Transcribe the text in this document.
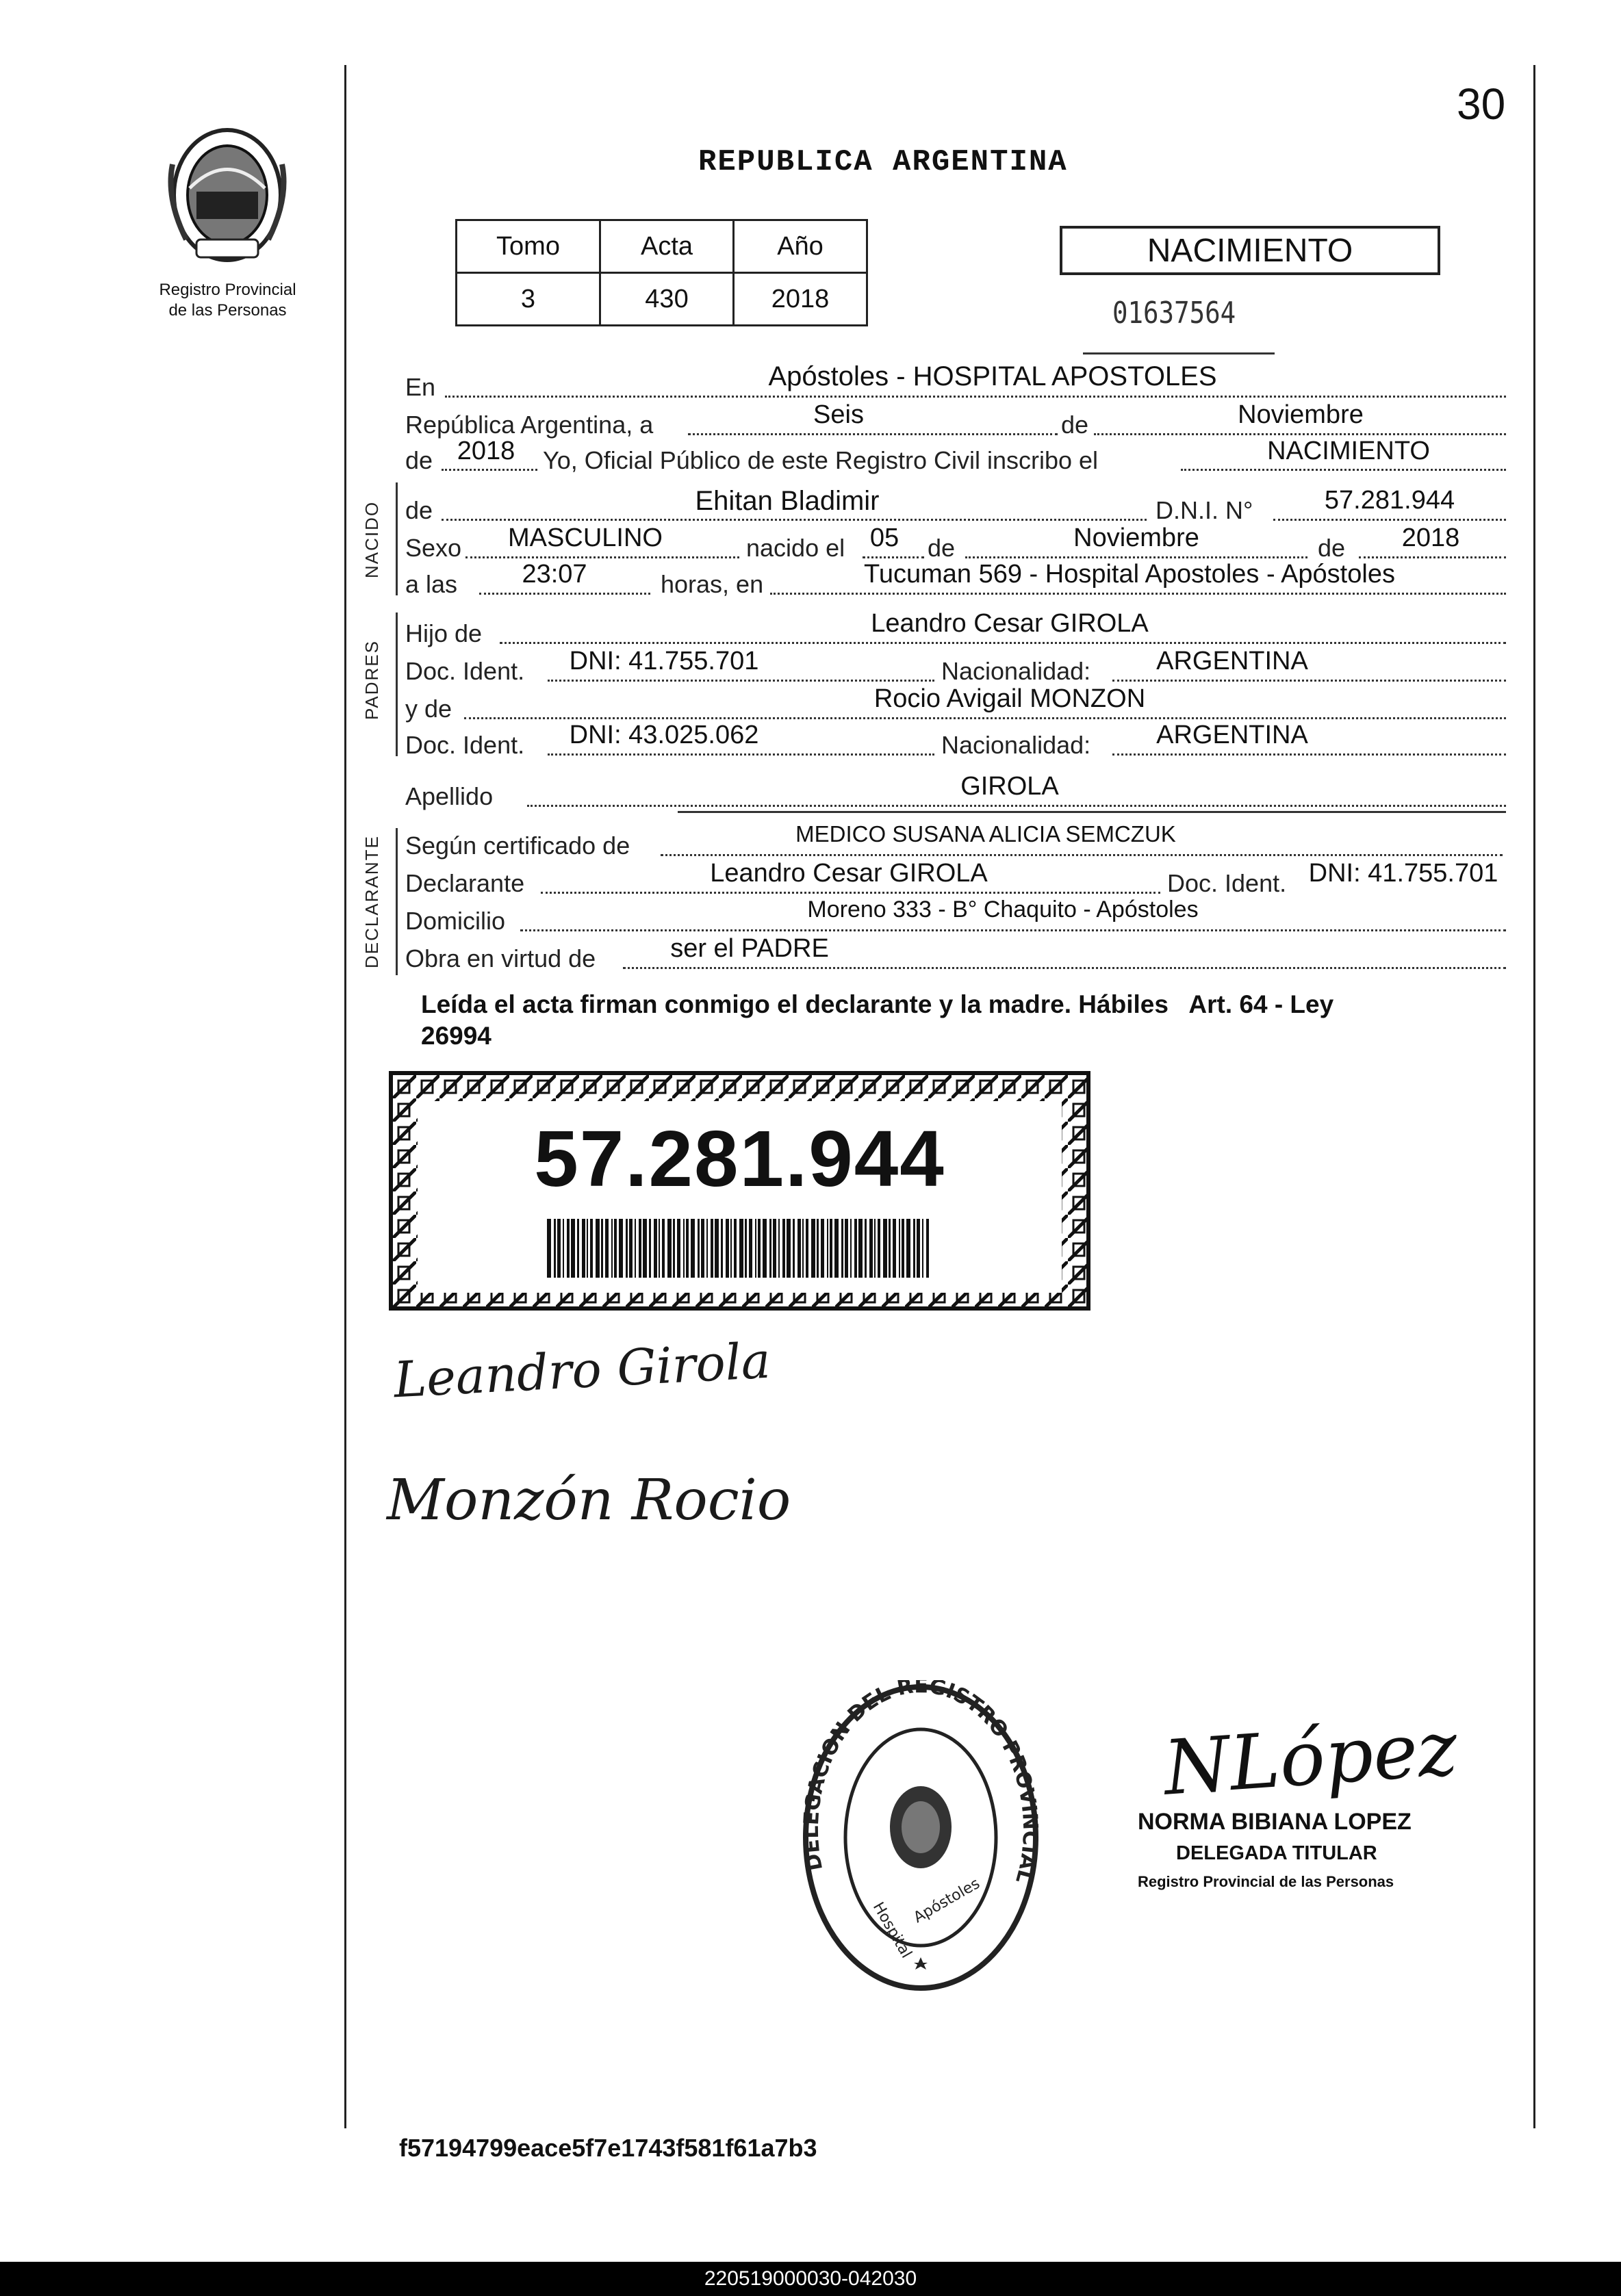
30
Registro Provincial
de las Personas
REPUBLICA ARGENTINA
Tomo	Acta	Año
3	430	2018
NACIMIENTO
01637564
En	Apóstoles - HOSPITAL APOSTOLES
República Argentina, a	Seis	de	Noviembre
de 2018	Yo, Oficial Público de este Registro Civil inscribo el	NACIMIENTO
NACIDO de	Ehitan Bladimir	D.N.I. N°	57.281.944
Sexo	MASCULINO	nacido el 05 de	Noviembre	de	2018
a las	23:07	horas, en	Tucuman 569 - Hospital Apostoles - Apóstoles
PADRES
Hijo de	Leandro Cesar GIROLA
Doc. Ident.	DNI: 41.755.701	Nacionalidad:	ARGENTINA
y de	Rocio Avigail MONZON
Doc. Ident.	DNI: 43.025.062	Nacionalidad:	ARGENTINA
Apellido	GIROLA
DECLARANTE Según certificado de	MEDICO SUSANA ALICIA SEMCZUK
Declarante	Leandro Cesar GIROLA	Doc. Ident. DNI: 41.755.701
Domicilio	Moreno 333 - B° Chaquito - Apóstoles
Obra en virtud de	ser el PADRE
Leída el acta firman conmigo el declarante y la madre. Hábiles   Art. 64 - Ley
26994
57.281.944
Leandro Girola
Monzón Rocio
DELEGACION DEL REGISTRO PROVINCIAL
Hospital
Apóstoles
NLópez
NORMA BIBIANA LOPEZ
DELEGADA TITULAR
Registro Provincial de las Personas
f57194799eace5f7e1743f581f61a7b3
220519000030-042030
